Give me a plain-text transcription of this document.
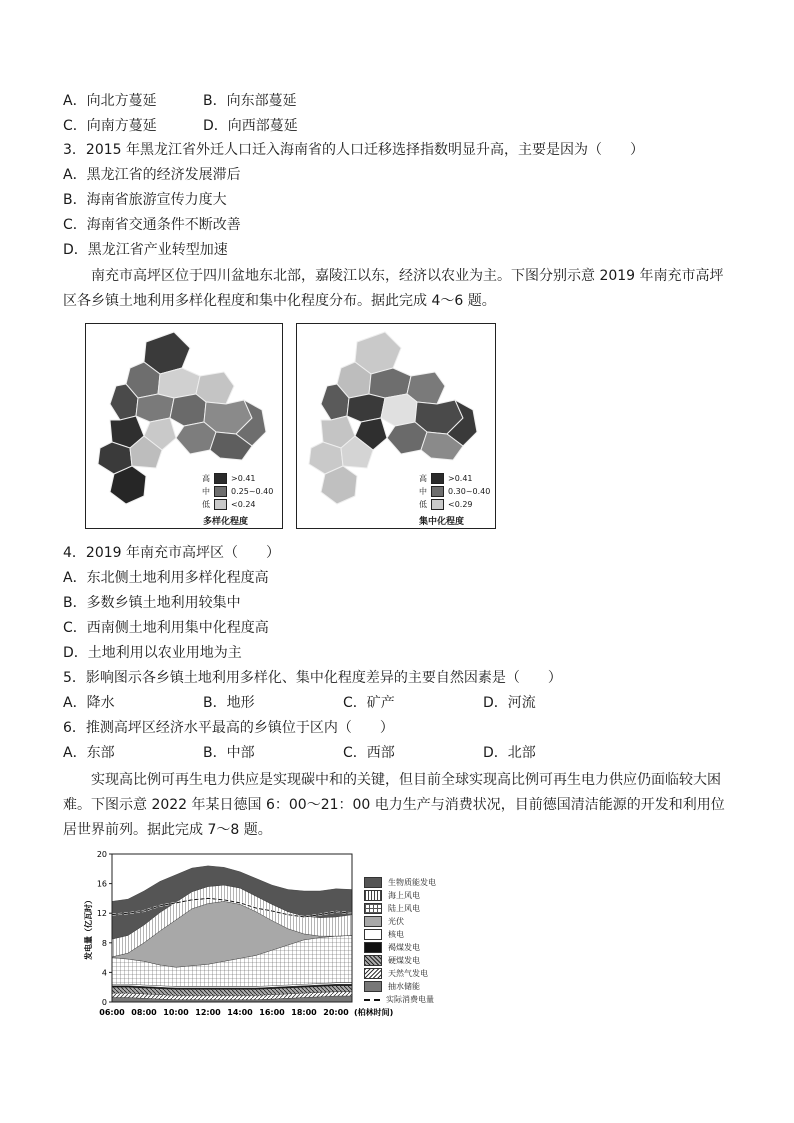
A．向北方蔓延	B．向东部蔓延
C．向南方蔓延	D．向西部蔓延
3．2015 年黑龙江省外迁人口迁入海南省的人口迁移选择指数明显升高，主要是因为（　　）
A．黑龙江省的经济发展滞后
B．海南省旅游宣传力度大
C．海南省交通条件不断改善
D．黑龙江省产业转型加速
南充市高坪区位于四川盆地东北部，嘉陵江以东，经济以农业为主。下图分别示意 2019 年南充市高坪区各乡镇土地利用多样化程度和集中化程度分布。据此完成 4～6 题。
高	>0.41
中	0.25~0.40
低	<0.24
多样化程度
高	>0.41
中	0.30~0.40
低	<0.29
集中化程度
4．2019 年南充市高坪区（　　）
A．东北侧土地利用多样化程度高
B．多数乡镇土地利用较集中
C．西南侧土地利用集中化程度高
D．土地利用以农业用地为主
5．影响图示各乡镇土地利用多样化、集中化程度差异的主要自然因素是（　　）
A．降水	B．地形	C．矿产	D．河流
6．推测高坪区经济水平最高的乡镇位于区内（　　）
A．东部	B．中部	C．西部	D．北部
实现高比例可再生电力供应是实现碳中和的关键，但目前全球实现高比例可再生电力供应仍面临较大困难。下图示意 2022 年某日德国 6：00～21：00 电力生产与消费状况，目前德国清洁能源的开发和利用位居世界前列。据此完成 7～8 题。
0
4
8
12
16
20
06:00 08:00 10:00 12:00 14:00 16:00 18:00 20:00 (柏林时间)
发电量（亿瓦时）
生物质能发电
海上风电
陆上风电
光伏
核电
褐煤发电
硬煤发电
天然气发电
抽水储能
实际消费电量
